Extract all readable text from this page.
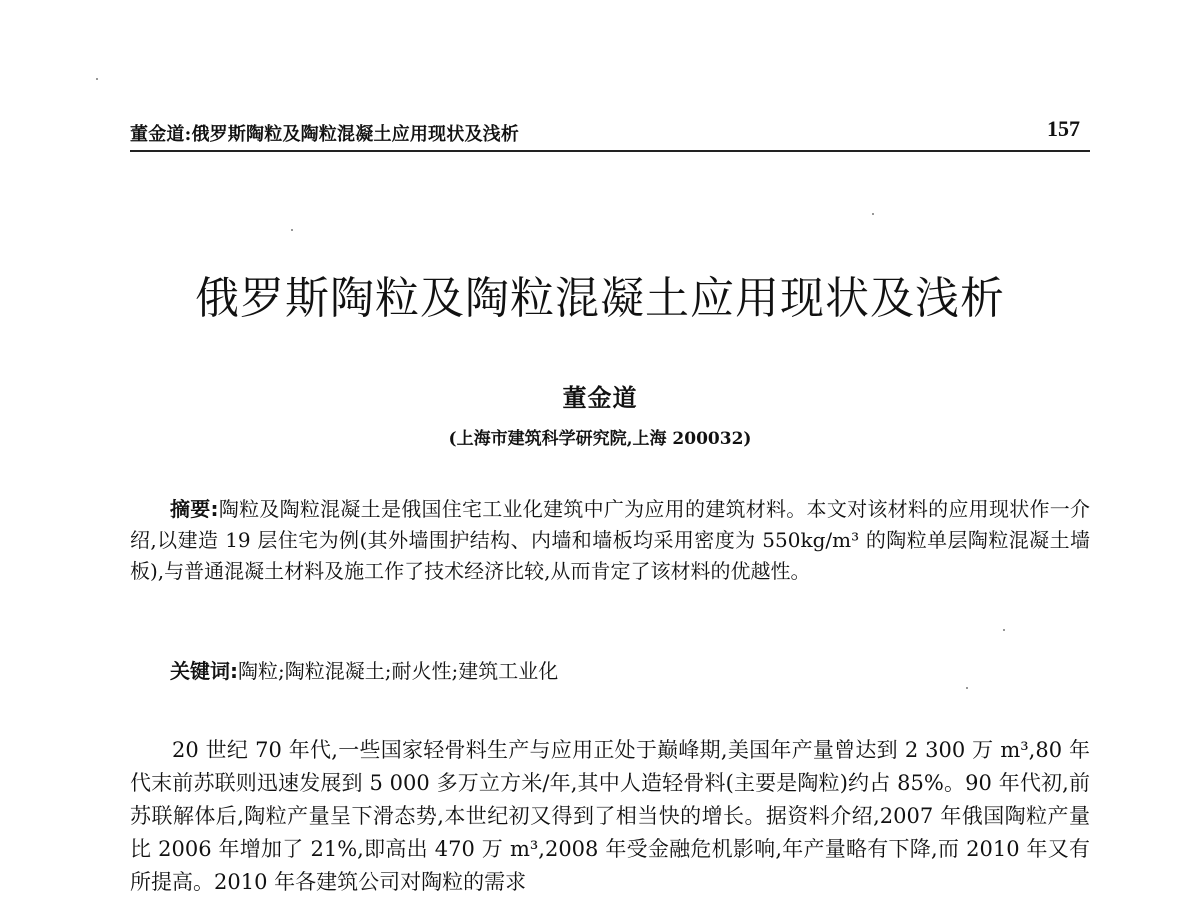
董金道:俄罗斯陶粒及陶粒混凝土应用现状及浅析	157
俄罗斯陶粒及陶粒混凝土应用现状及浅析
董金道
(上海市建筑科学研究院,上海 200032)

摘要:陶粒及陶粒混凝土是俄国住宅工业化建筑中广为应用的建筑材料。本文对该材料的应用现状作一介绍,以建造 19 层住宅为例(其外墙围护结构、内墙和墙板均采用密度为 550kg/m³ 的陶粒单层陶粒混凝土墙板),与普通混凝土材料及施工作了技术经济比较,从而肯定了该材料的优越性。

关键词:陶粒;陶粒混凝土;耐火性;建筑工业化

20 世纪 70 年代,一些国家轻骨料生产与应用正处于巅峰期,美国年产量曾达到 2 300 万 m³,80 年代末前苏联则迅速发展到 5 000 多万立方米/年,其中人造轻骨料(主要是陶粒)约占 85%。90 年代初,前苏联解体后,陶粒产量呈下滑态势,本世纪初又得到了相当快的增长。据资料介绍,2007 年俄国陶粒产量比 2006 年增加了 21%,即高出 470 万 m³,2008 年受金融危机影响,年产量略有下降,而 2010 年又有所提高。2010 年各建筑公司对陶粒的需求
